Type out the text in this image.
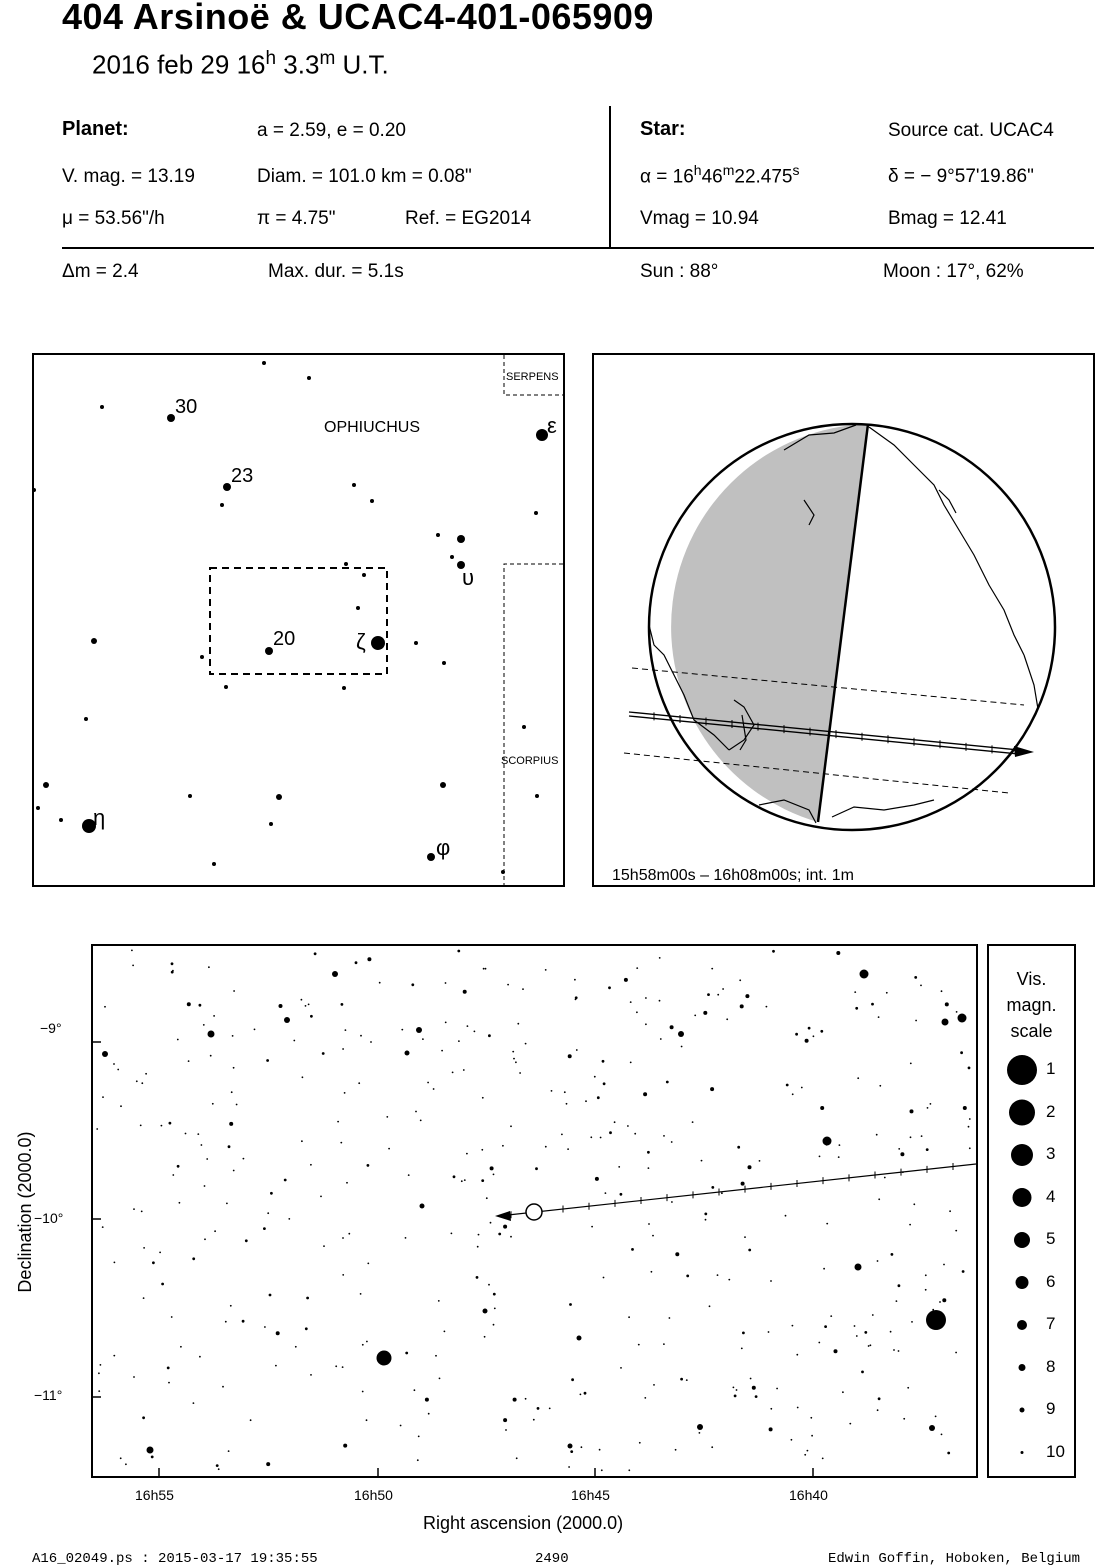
404 Arsinoë & UCAC4-401-065909
2016 feb 29 16$^h$ 3.3$^m$ U.T.
Planet:	a = 2.59, e = 0.20
V. mag. = 13.19	Diam. = 101.0 km = 0.08"
μ = 53.56"/h	π = 4.75"	Ref. = EG2014
Star:	Source cat. UCAC4
$\alpha = 16^h46^m22.475^s$	δ = − 9°57'19.86"
Vmag = 10.94	Bmag = 12.41
Δm = 2.4	Max. dur. = 5.1s	Sun : 88°	Moon : 17°, 62%
OPHIUCHUS
SERPENS
SCORPIUS
30
23
20	ζ
η
φ
ε
υ
15h58m00s – 16h08m00s; int. 1m
−9°
−10°
−11°
16h55	16h50	16h45	16h40
Right ascension (2000.0)
Declination (2000.0)
Vis.
magn.
scale
1
2
3
4
5
6
7
8
9
10
A16_02049.ps : 2015-03-17 19:35:55	2490	Edwin Goffin, Hoboken, Belgium
